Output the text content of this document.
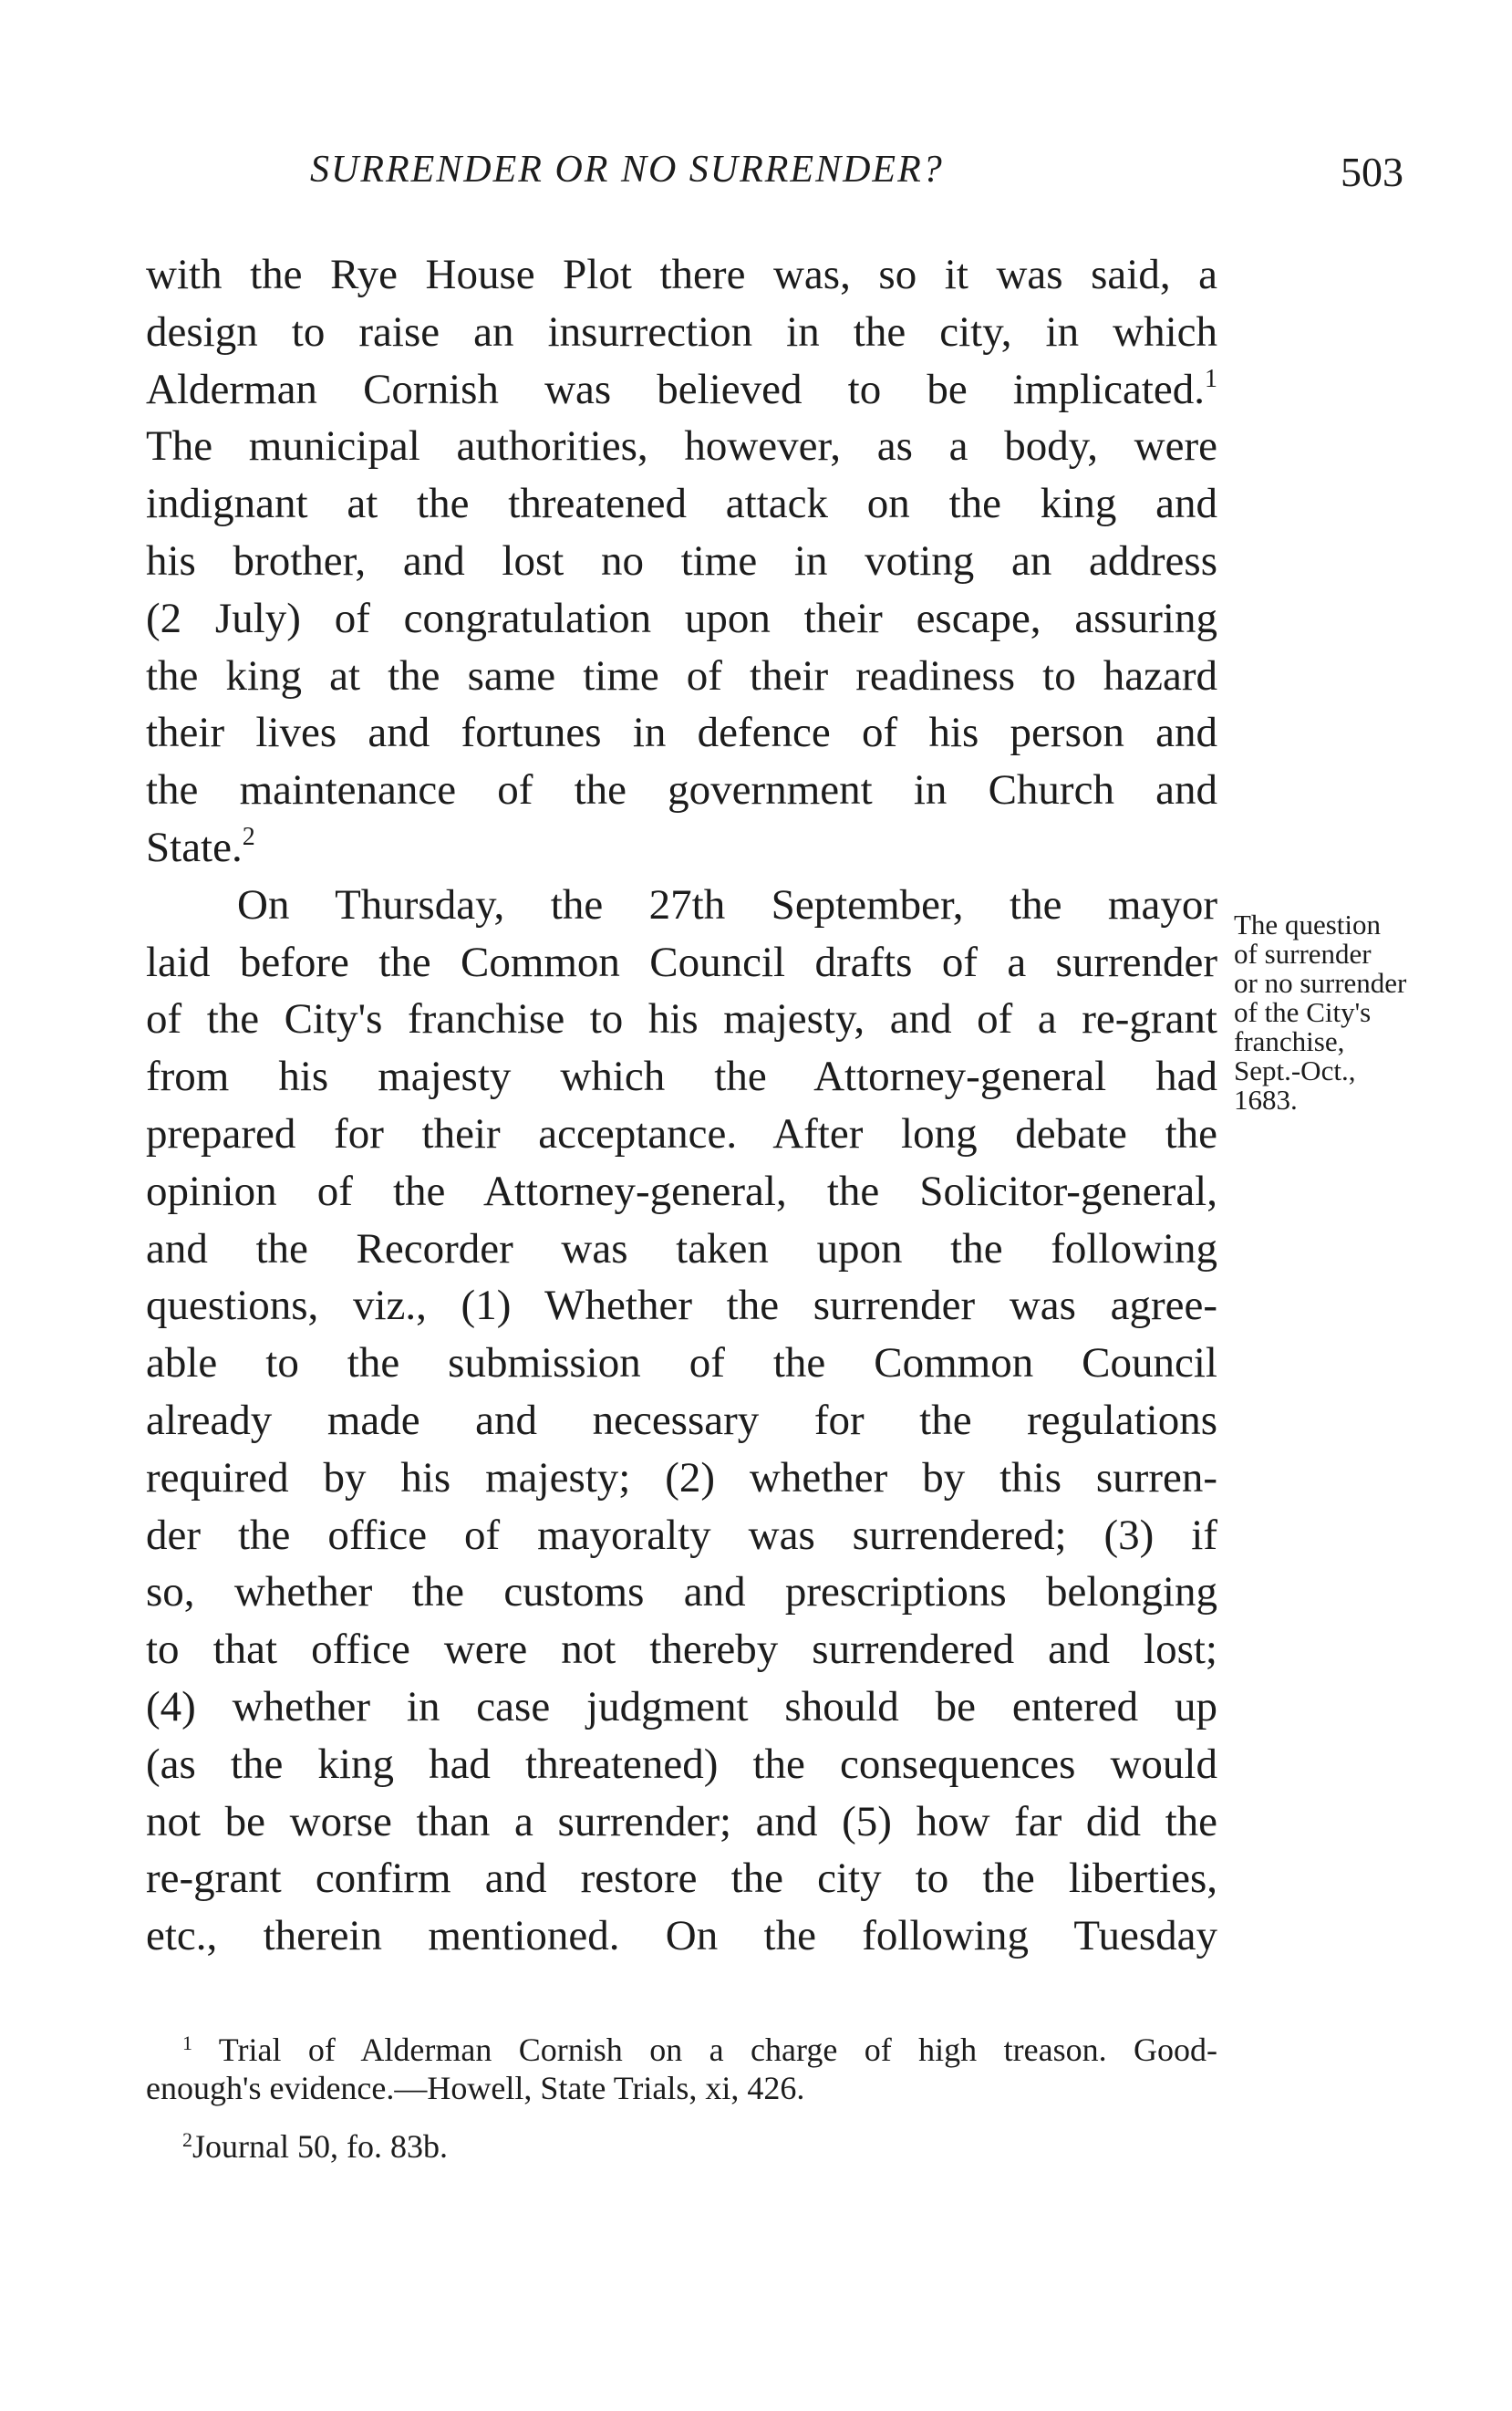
SURRENDER OR NO SURRENDER?	503
with the Rye House Plot there was, so it was said, a
design to raise an insurrection in the city, in which
Alderman Cornish was believed to be implicated.$^1$
The municipal authorities, however, as a body, were
indignant at the threatened attack on the king and
his brother, and lost no time in voting an address
(2 July) of congratulation upon their escape, assuring
the king at the same time of their readiness to hazard
their lives and fortunes in defence of his person and
the maintenance of the government in Church and
State.$^2$
On Thursday, the 27th September, the mayor
laid before the Common Council drafts of a surrender
of the City's franchise to his majesty, and of a re-grant
from his majesty which the Attorney-general had
prepared for their acceptance. After long debate the
opinion of the Attorney-general, the Solicitor-general,
and the Recorder was taken upon the following
questions, viz., (1) Whether the surrender was agree-
able to the submission of the Common Council
already made and necessary for the regulations
required by his majesty; (2) whether by this surren-
der the office of mayoralty was surrendered; (3) if
so, whether the customs and prescriptions belonging
to that office were not thereby surrendered and lost;
(4) whether in case judgment should be entered up
(as the king had threatened) the consequences would
not be worse than a surrender; and (5) how far did the
re-grant confirm and restore the city to the liberties,
etc., therein mentioned. On the following Tuesday
The question
of surrender
or no surrender
of the City's
franchise,
Sept.-Oct.,
1683.
$^1$ Trial of Alderman Cornish on a charge of high treason. Good-
enough's evidence.—Howell, State Trials, xi, 426.
$^2$Journal 50, fo. 83b.
